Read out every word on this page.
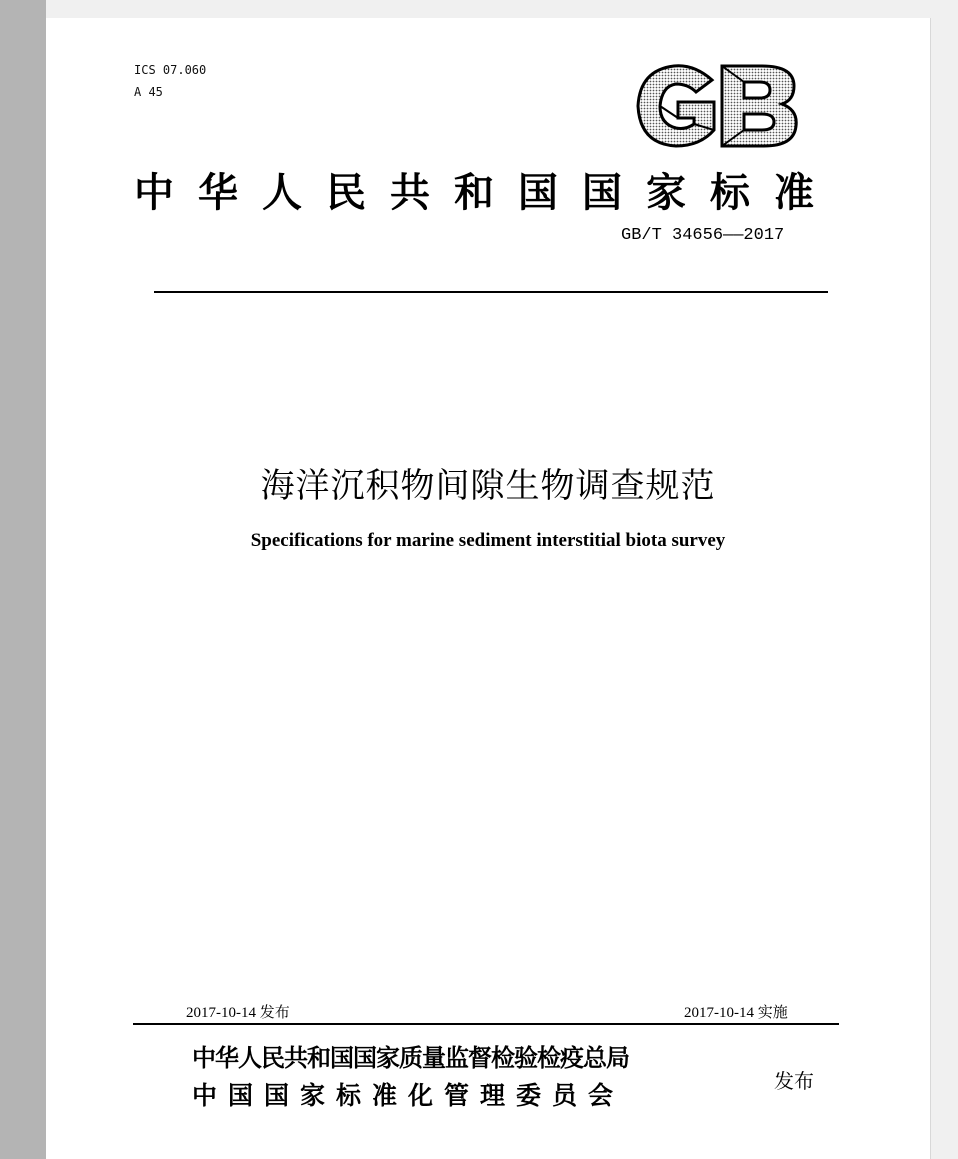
ICS 07.060
A 45
中华人民共和国国家标准
GB/T 34656——2017
海洋沉积物间隙生物调查规范
Specifications for marine sediment interstitial biota survey
2017-10-14 发布	2017-10-14 实施
中华人民共和国国家质量监督检验检疫总局
中国国家标准化管理委员会	发布
